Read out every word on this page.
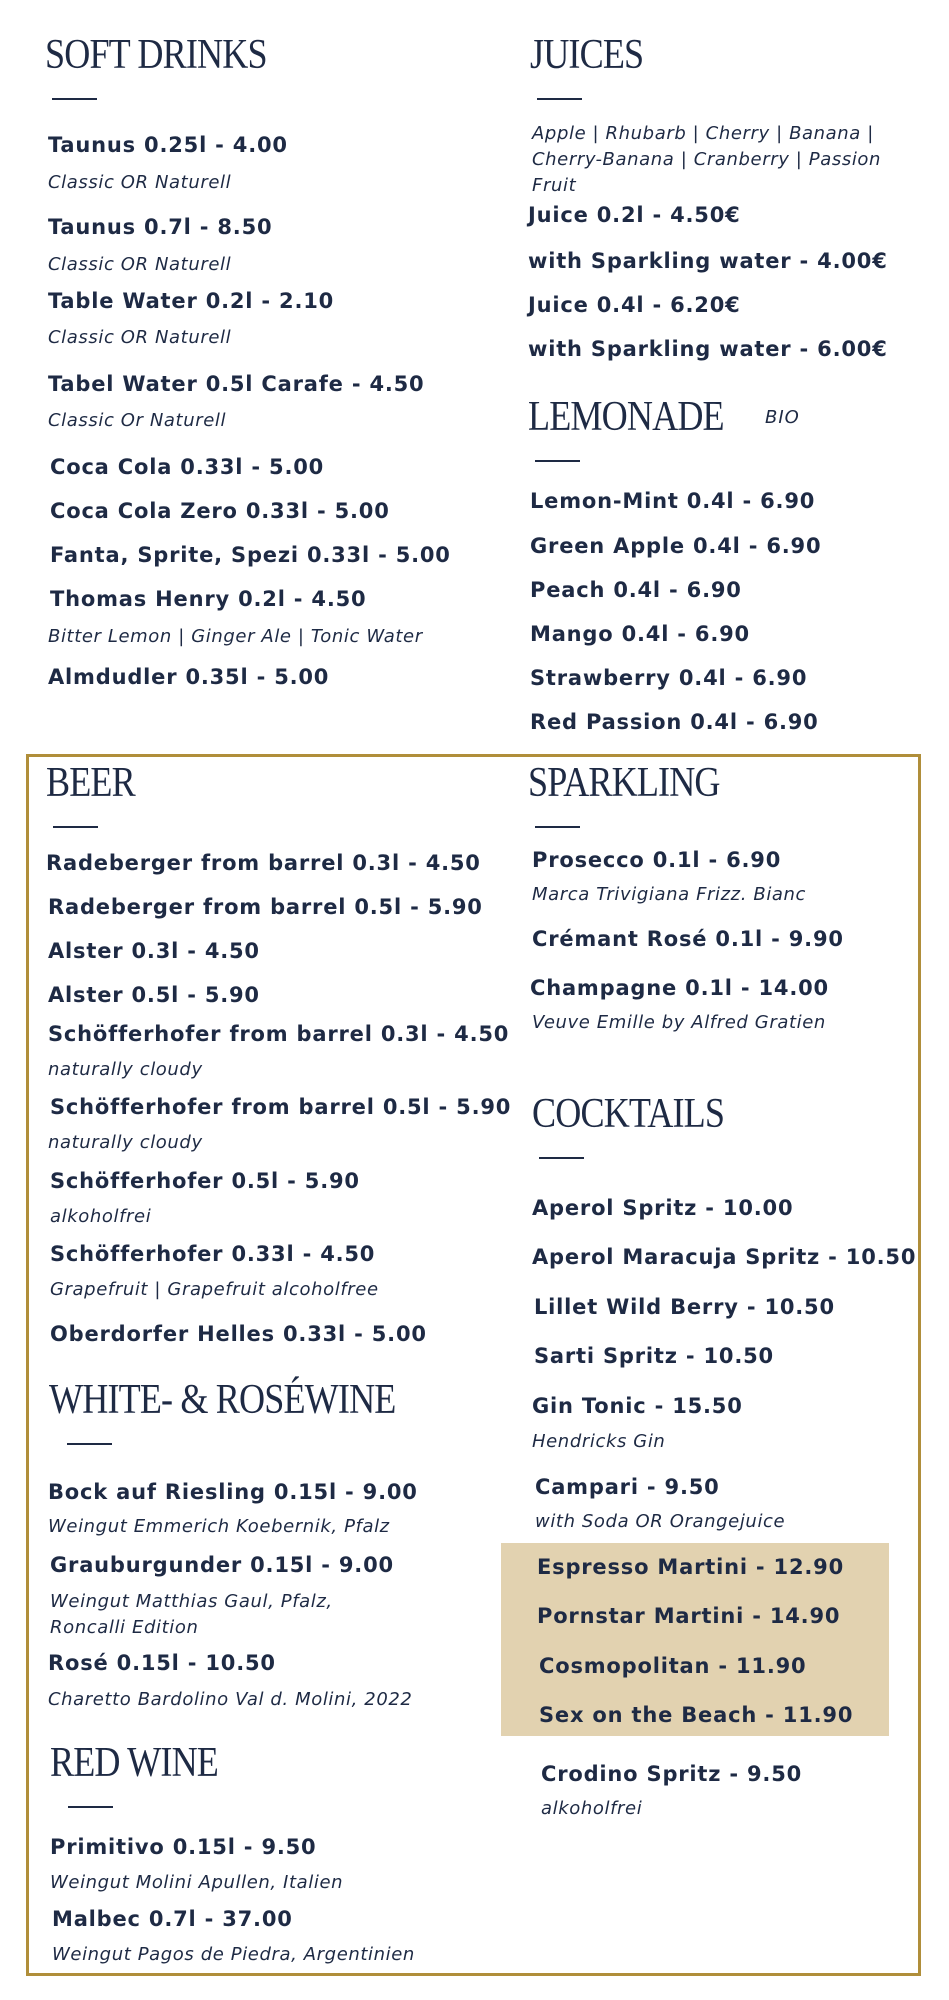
SOFT DRINKS
Taunus 0.25l - 4.00
Classic OR Naturell
Taunus 0.7l - 8.50
Classic OR Naturell
Table Water 0.2l - 2.10
Classic OR Naturell
Tabel Water 0.5l Carafe - 4.50
Classic Or Naturell
Coca Cola 0.33l - 5.00
Coca Cola Zero 0.33l - 5.00
Fanta, Sprite, Spezi 0.33l - 5.00
Thomas Henry 0.2l - 4.50
Bitter Lemon | Ginger Ale | Tonic Water
Almdudler 0.35l - 5.00
JUICES
Apple | Rhubarb | Cherry | Banana | Cherry-Banana | Cranberry | Passion Fruit
Juice 0.2l - 4.50€
with Sparkling water - 4.00€
Juice 0.4l - 6.20€
with Sparkling water - 6.00€
LEMONADE BIO
Lemon-Mint 0.4l - 6.90
Green Apple 0.4l - 6.90
Peach 0.4l - 6.90
Mango 0.4l - 6.90
Strawberry 0.4l - 6.90
Red Passion 0.4l - 6.90
BEER
Radeberger from barrel 0.3l - 4.50
Radeberger from barrel 0.5l - 5.90
Alster 0.3l - 4.50
Alster 0.5l - 5.90
Schöfferhofer from barrel 0.3l - 4.50
naturally cloudy
Schöfferhofer from barrel 0.5l - 5.90
naturally cloudy
Schöfferhofer 0.5l - 5.90
alkoholfrei
Schöfferhofer 0.33l - 4.50
Grapefruit | Grapefruit alcoholfree
Oberdorfer Helles 0.33l - 5.00
WHITE- & ROSÉWINE
Bock auf Riesling 0.15l - 9.00
Weingut Emmerich Koebernik, Pfalz
Grauburgunder 0.15l - 9.00
Weingut Matthias Gaul, Pfalz,
Roncalli Edition
Rosé 0.15l - 10.50
Charetto Bardolino Val d. Molini, 2022
RED WINE
Primitivo 0.15l - 9.50
Weingut Molini Apullen, Italien
Malbec 0.7l - 37.00
Weingut Pagos de Piedra, Argentinien
SPARKLING
Prosecco 0.1l - 6.90
Marca Trivigiana Frizz. Bianc
Crémant Rosé 0.1l - 9.90
Champagne 0.1l - 14.00
Veuve Emille by Alfred Gratien
COCKTAILS
Aperol Spritz - 10.00
Aperol Maracuja Spritz - 10.50
Lillet Wild Berry - 10.50
Sarti Spritz - 10.50
Gin Tonic - 15.50
Hendricks Gin
Campari - 9.50
with Soda OR Orangejuice
Espresso Martini - 12.90
Pornstar Martini - 14.90
Cosmopolitan - 11.90
Sex on the Beach - 11.90
Crodino Spritz - 9.50
alkoholfrei
